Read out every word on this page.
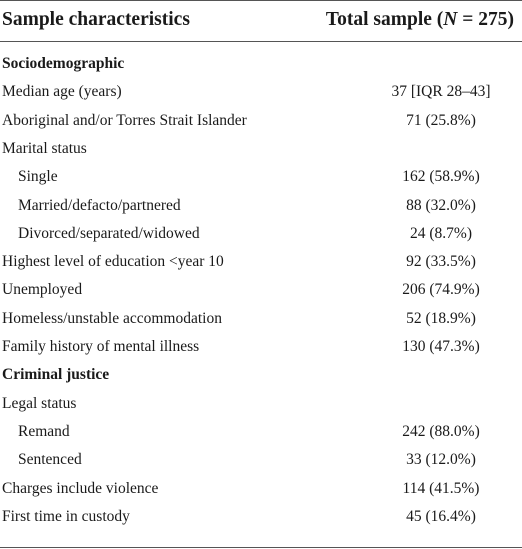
Sample characteristics	Total sample (N = 275)
Sociodemographic
Median age (years)	37 [IQR 28–43]
Aboriginal and/or Torres Strait Islander	71 (25.8%)
Marital status
Single	162 (58.9%)
Married/defacto/partnered	88 (32.0%)
Divorced/separated/widowed	24 (8.7%)
Highest level of education <year 10	92 (33.5%)
Unemployed	206 (74.9%)
Homeless/unstable accommodation	52 (18.9%)
Family history of mental illness	130 (47.3%)
Criminal justice
Legal status
Remand	242 (88.0%)
Sentenced	33 (12.0%)
Charges include violence	114 (41.5%)
First time in custody	45 (16.4%)
